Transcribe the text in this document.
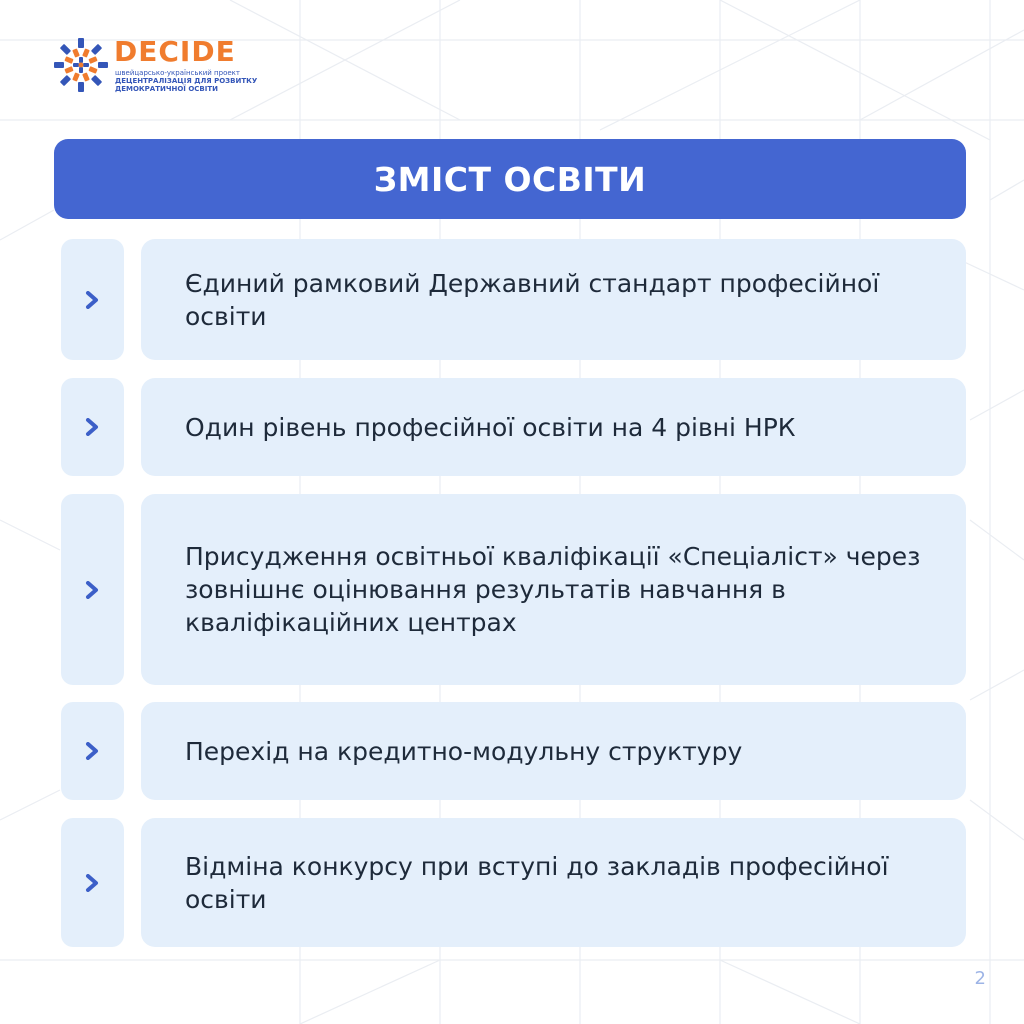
DECIDE
швейцарсько-український проект
ДЕЦЕНТРАЛІЗАЦІЯ ДЛЯ РОЗВИТКУ
ДЕМОКРАТИЧНОЇ ОСВІТИ
ЗМІСТ ОСВІТИ
Єдиний рамковий Державний стандарт професійної освіти
Один рівень професійної освіти на 4 рівні НРК
Присудження освітньої кваліфікації «Спеціаліст» через зовнішнє оцінювання результатів навчання в кваліфікаційних центрах
Перехід на кредитно-модульну структуру
Відміна конкурсу при вступі до закладів професійної освіти
2
